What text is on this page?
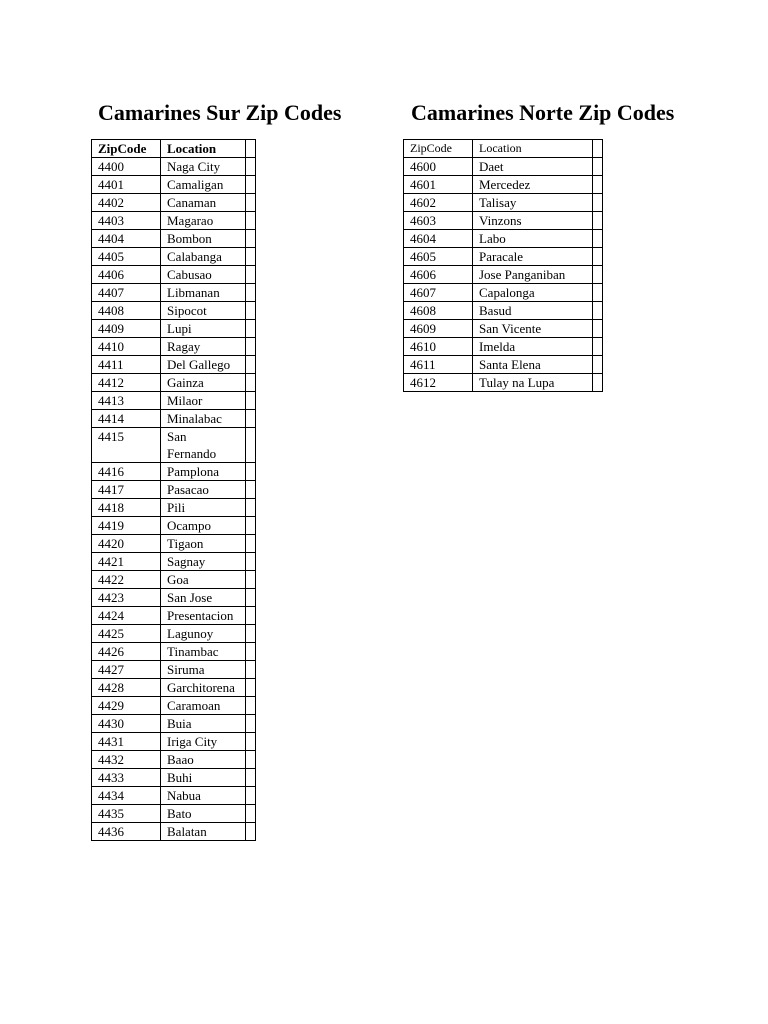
Camarines Sur Zip Codes	Camarines Norte Zip Codes
ZipCode	Location	
4400	Naga City	
4401	Camaligan	
4402	Canaman	
4403	Magarao	
4404	Bombon	
4405	Calabanga	
4406	Cabusao	
4407	Libmanan	
4408	Sipocot	
4409	Lupi	
4410	Ragay	
4411	Del Gallego	
4412	Gainza	
4413	Milaor	
4414	Minalabac	
4415	San Fernando	
4416	Pamplona	
4417	Pasacao	
4418	Pili	
4419	Ocampo	
4420	Tigaon	
4421	Sagnay	
4422	Goa	
4423	San Jose	
4424	Presentacion	
4425	Lagunoy	
4426	Tinambac	
4427	Siruma	
4428	Garchitorena	
4429	Caramoan	
4430	Buia	
4431	Iriga City	
4432	Baao	
4433	Buhi	
4434	Nabua	
4435	Bato	
4436	Balatan	
ZipCode	Location	
4600	Daet	
4601	Mercedez	
4602	Talisay	
4603	Vinzons	
4604	Labo	
4605	Paracale	
4606	Jose Panganiban	
4607	Capalonga	
4608	Basud	
4609	San Vicente	
4610	Imelda	
4611	Santa Elena	
4612	Tulay na Lupa	
